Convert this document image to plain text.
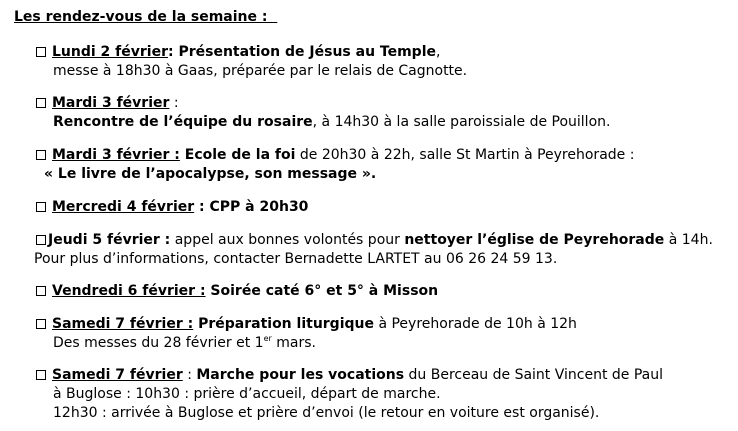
Les rendez-vous de la semaine :
Lundi 2 février: Présentation de Jésus au Temple,
messe à 18h30 à Gaas, préparée par le relais de Cagnotte.
Mardi 3 février :
Rencontre de l’équipe du rosaire, à 14h30 à la salle paroissiale de Pouillon.
Mardi 3 février : Ecole de la foi de 20h30 à 22h, salle St Martin à Peyrehorade :
« Le livre de l’apocalypse, son message ».
Mercredi 4 février : CPP à 20h30
Jeudi 5 février : appel aux bonnes volontés pour nettoyer l’église de Peyrehorade à 14h.
Pour plus d’informations, contacter Bernadette LARTET au 06 26 24 59 13.
Vendredi 6 février : Soirée caté 6° et 5° à Misson
Samedi 7 février : Préparation liturgique à Peyrehorade de 10h à 12h
Des messes du 28 février et 1er mars.
Samedi 7 février : Marche pour les vocations du Berceau de Saint Vincent de Paul
à Buglose : 10h30 : prière d’accueil, départ de marche.
12h30 : arrivée à Buglose et prière d’envoi (le retour en voiture est organisé).
